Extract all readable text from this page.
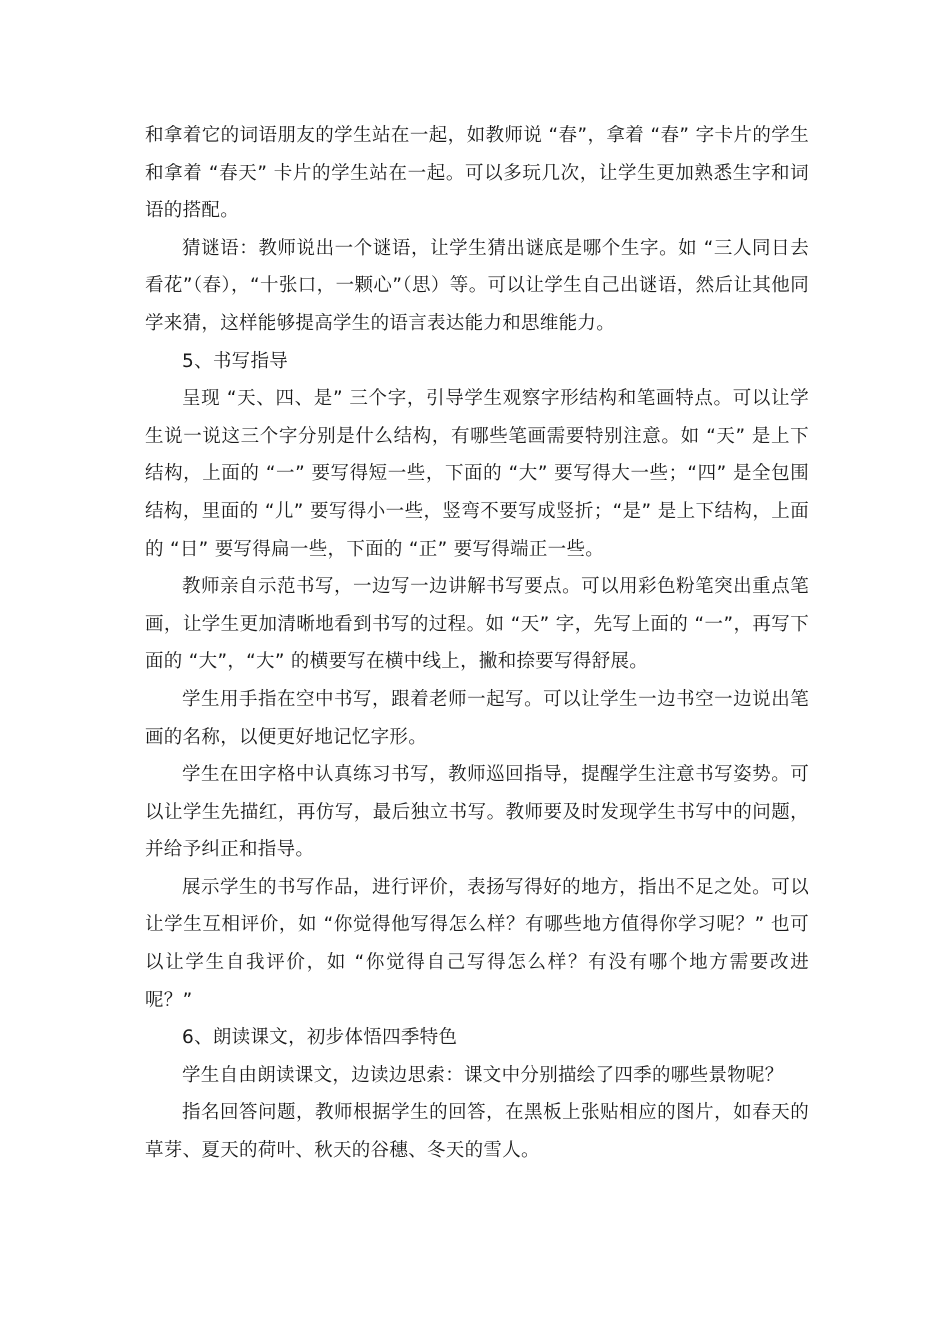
和拿着它的词语朋友的学生站在一起，如教师说 “春”，拿着 “春” 字卡片的学生和拿着 “春天” 卡片的学生站在一起。可以多玩几次，让学生更加熟悉生字和词语的搭配。

猜谜语：教师说出一个谜语，让学生猜出谜底是哪个生字。如 “三人同日去看花”（春），“十张口，一颗心”（思）等。可以让学生自己出谜语，然后让其他同学来猜，这样能够提高学生的语言表达能力和思维能力。

5、书写指导

呈现 “天、四、是” 三个字，引导学生观察字形结构和笔画特点。可以让学生说一说这三个字分别是什么结构，有哪些笔画需要特别注意。如 “天” 是上下结构，上面的 “一” 要写得短一些，下面的 “大” 要写得大一些；“四” 是全包围结构，里面的 “儿” 要写得小一些，竖弯不要写成竖折；“是” 是上下结构，上面的 “日” 要写得扁一些，下面的 “正” 要写得端正一些。

教师亲自示范书写，一边写一边讲解书写要点。可以用彩色粉笔突出重点笔画，让学生更加清晰地看到书写的过程。如 “天” 字，先写上面的 “一”，再写下面的 “大”，“大” 的横要写在横中线上，撇和捺要写得舒展。

学生用手指在空中书写，跟着老师一起写。可以让学生一边书空一边说出笔画的名称，以便更好地记忆字形。

学生在田字格中认真练习书写，教师巡回指导，提醒学生注意书写姿势。可以让学生先描红，再仿写，最后独立书写。教师要及时发现学生书写中的问题，并给予纠正和指导。

展示学生的书写作品，进行评价，表扬写得好的地方，指出不足之处。可以让学生互相评价，如 “你觉得他写得怎么样？有哪些地方值得你学习呢？” 也可以让学生自我评价，如 “你觉得自己写得怎么样？有没有哪个地方需要改进呢？”

6、朗读课文，初步体悟四季特色

学生自由朗读课文，边读边思索：课文中分别描绘了四季的哪些景物呢？

指名回答问题，教师根据学生的回答，在黑板上张贴相应的图片，如春天的草芽、夏天的荷叶、秋天的谷穗、冬天的雪人。
